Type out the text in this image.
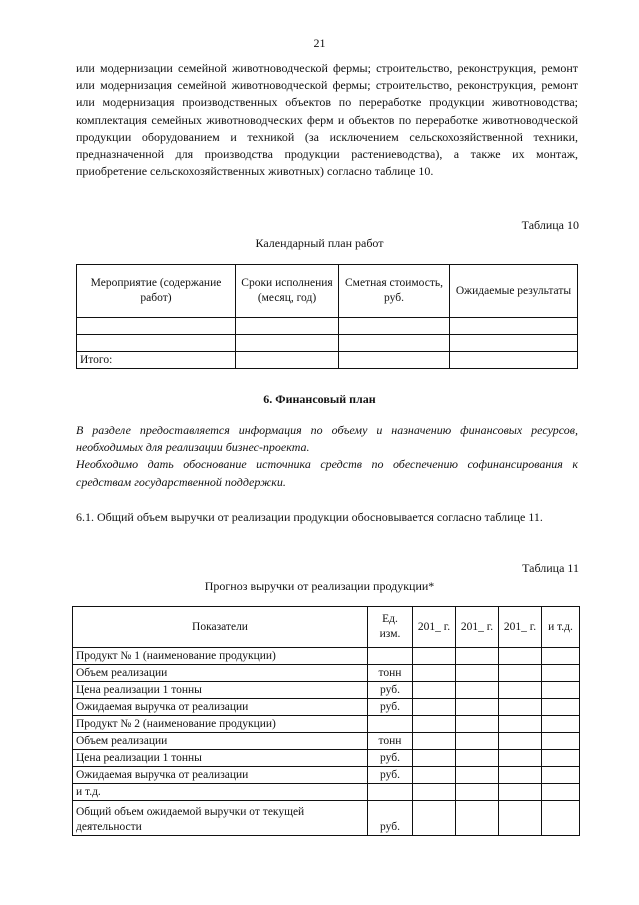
21
или модернизации семейной животноводческой фермы; строительство, реконструкция, ремонт или модернизация семейной животноводческой фермы; строительство, реконструкция, ремонт или модернизация производственных объектов по переработке продукции животноводства; комплектация семейных животноводческих ферм и объектов по переработке животноводческой продукции оборудованием и техникой (за исключением сельскохозяйственной техники, предназначенной для производства продукции растениеводства), а также их монтаж, приобретение сельскохозяйственных животных) согласно таблице 10.
Таблица 10
Календарный план работ
Мероприятие (содержание работ)	Сроки исполнения (месяц, год)	Сметная стоимость, руб.	Ожидаемые результаты

Итого:			
6. Финансовый план

В разделе предоставляется информация по объему и назначению финансовых ресурсов, необходимых для реализации бизнес-проекта.

Необходимо дать обоснование источника средств по обеспечению софинансирования к средствам государственной поддержки.

6.1. Общий объем выручки от реализации продукции обосновывается согласно таблице 11.
Таблица 11
Прогноз выручки от реализации продукции*
Показатели	Ед. изм.	201_ г.	201_ г.	201_ г.	и т.д.
Продукт № 1 (наименование продукции)					
Объем реализации	тонн				
Цена реализации 1 тонны	руб.				
Ожидаемая выручка от реализации	руб.				
Продукт № 2 (наименование продукции)					
Объем реализации	тонн				
Цена реализации 1 тонны	руб.				
Ожидаемая выручка от реализации	руб.				
и т.д.					
Общий объем ожидаемой выручки от текущей деятельности	руб.				
